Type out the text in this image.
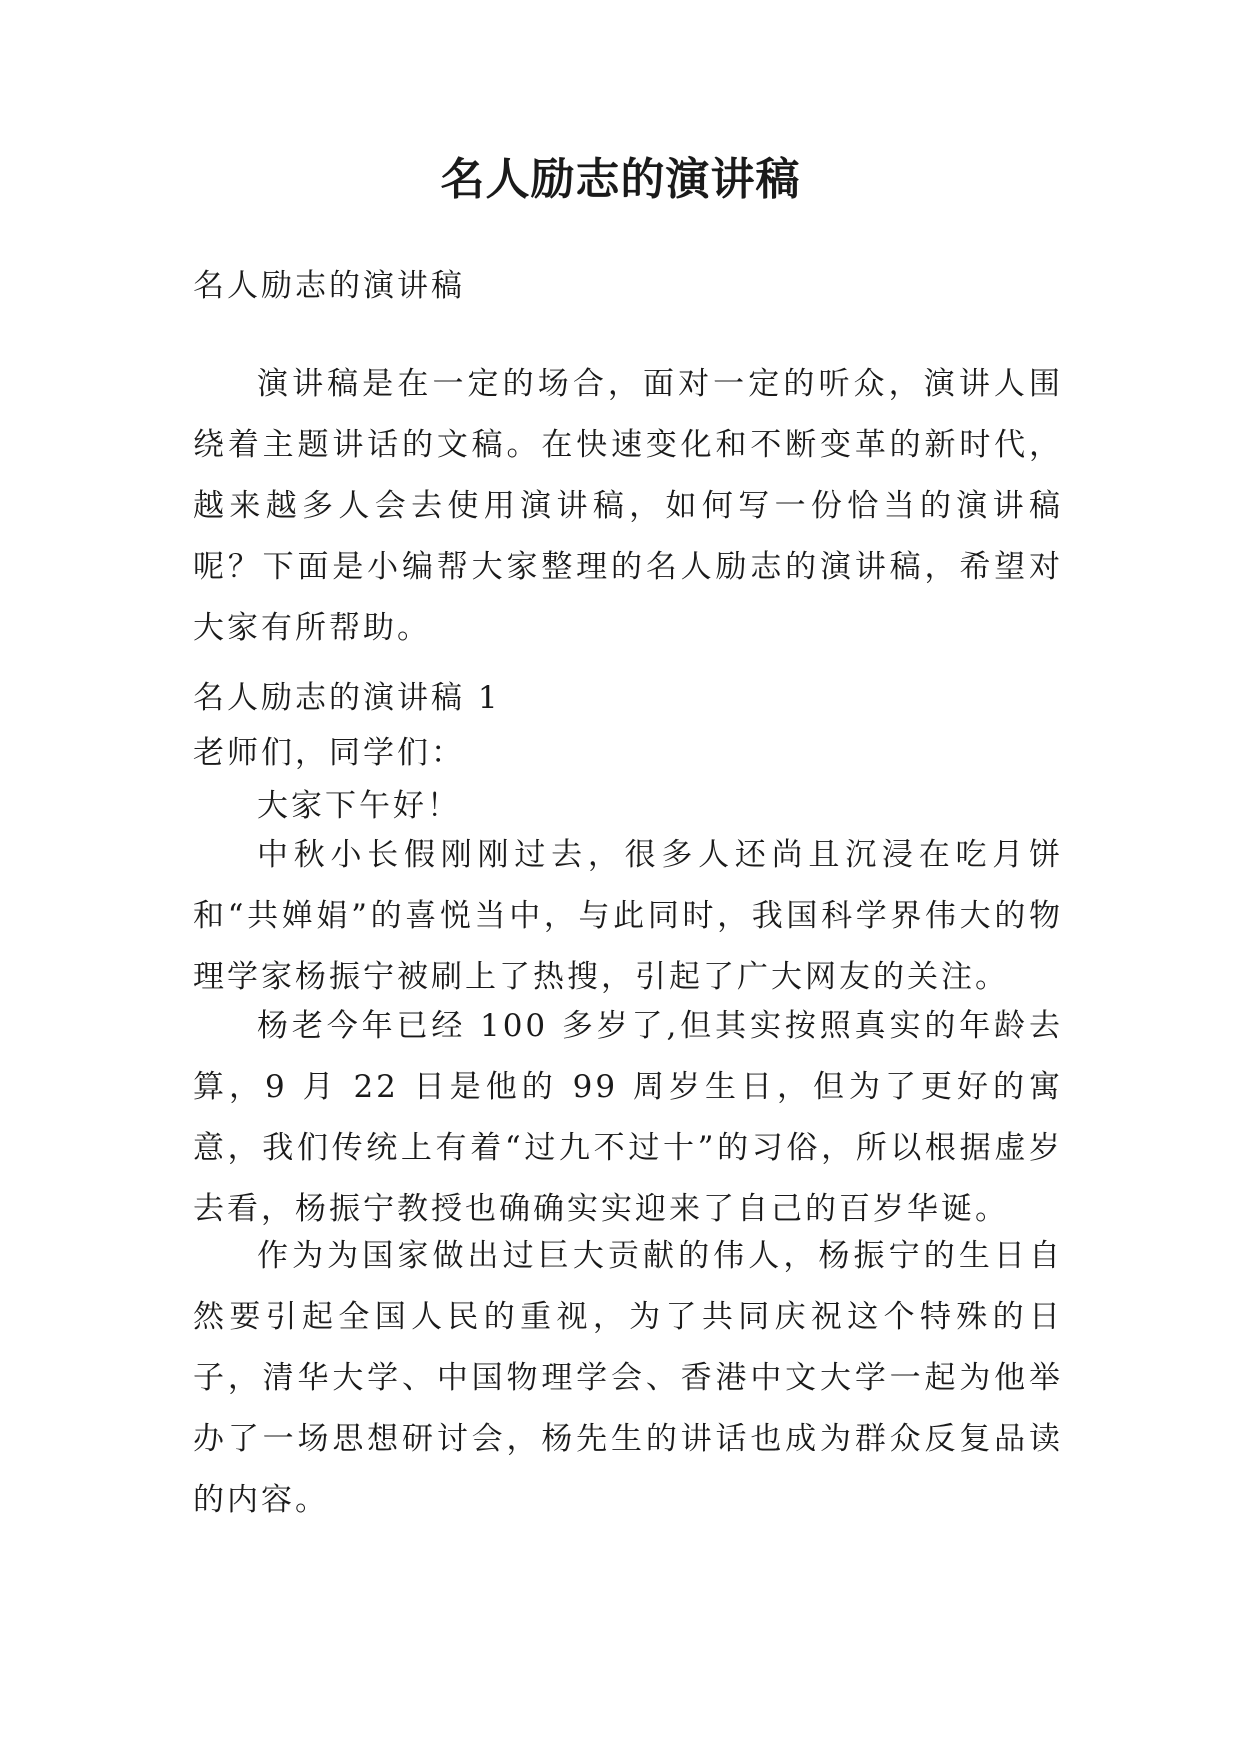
名人励志的演讲稿

名人励志的演讲稿

演讲稿是在一定的场合，面对一定的听众，演讲人围绕着主题讲话的文稿。在快速变化和不断变革的新时代，越来越多人会去使用演讲稿，如何写一份恰当的演讲稿呢？下面是小编帮大家整理的名人励志的演讲稿，希望对大家有所帮助。

名人励志的演讲稿 1

老师们，同学们：

大家下午好！

中秋小长假刚刚过去，很多人还尚且沉浸在吃月饼和“共婵娟”的喜悦当中，与此同时，我国科学界伟大的物理学家杨振宁被刷上了热搜，引起了广大网友的关注。

杨老今年已经 100 多岁了,但其实按照真实的年龄去算，9 月 22 日是他的 99 周岁生日，但为了更好的寓意，我们传统上有着“过九不过十”的习俗，所以根据虚岁去看，杨振宁教授也确确实实迎来了自己的百岁华诞。

作为为国家做出过巨大贡献的伟人，杨振宁的生日自然要引起全国人民的重视，为了共同庆祝这个特殊的日子，清华大学、中国物理学会、香港中文大学一起为他举办了一场思想研讨会，杨先生的讲话也成为群众反复品读的内容。
